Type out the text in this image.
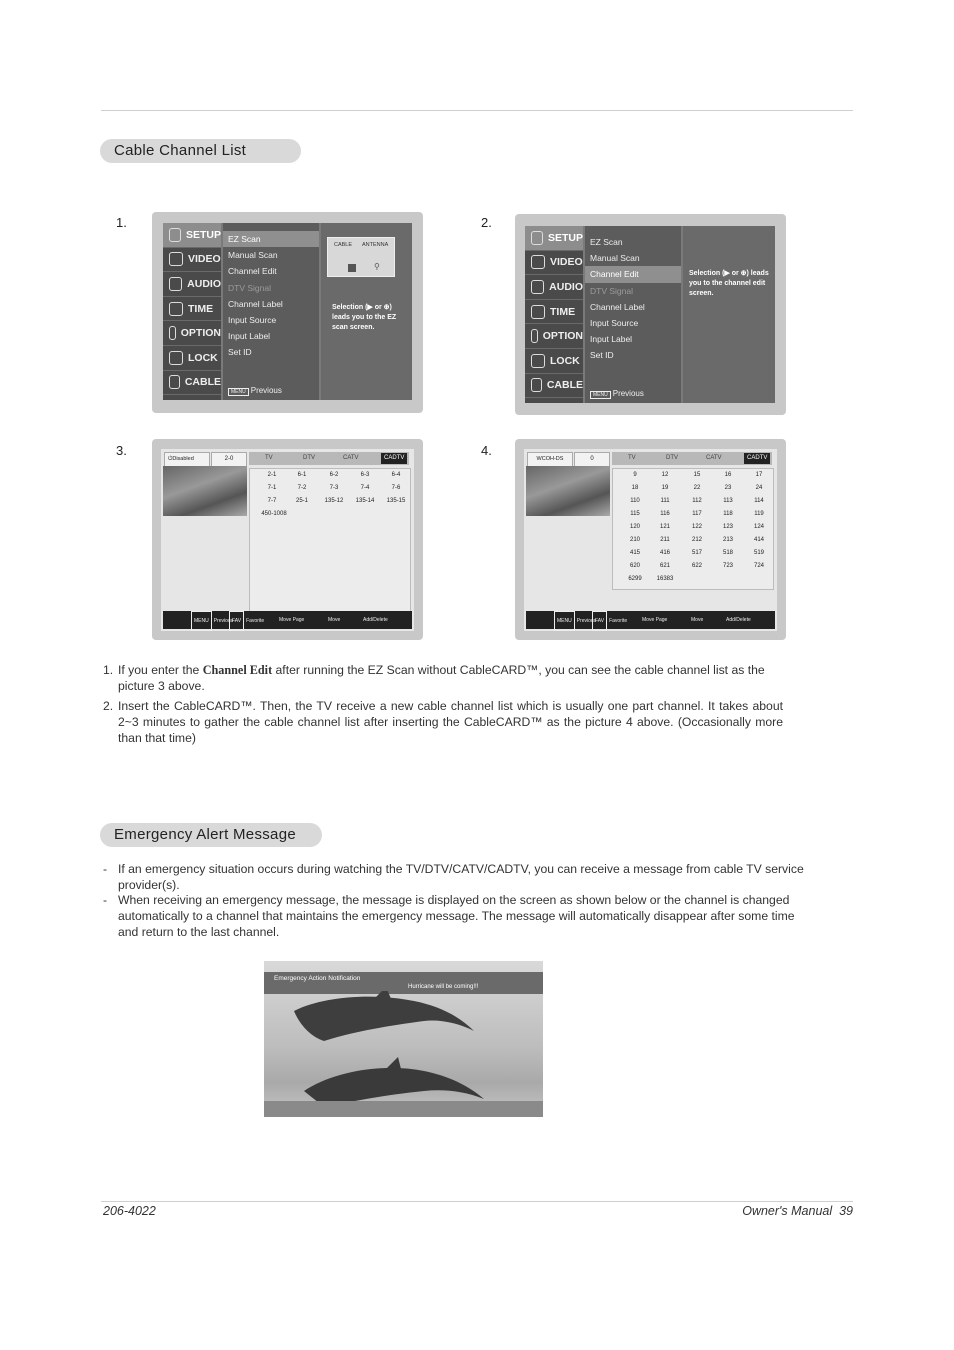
Cable Channel List
1.	2.
3.	4.
SETUP
VIDEO
AUDIO
TIME
OPTION
LOCK
CABLE
EZ Scan
Manual Scan
Channel Edit
DTV Signal
Channel Label
Input Source
Input Label
Set ID
MENU Previous
CABLE ANTENNA
⚲
Selection (▶ or ⊕) leads you to the EZ scan screen.
SETUP
VIDEO
AUDIO
TIME
OPTION
LOCK
CABLE
EZ Scan
Manual Scan
Channel Edit
DTV Signal
Channel Label
Input Source
Input Label
Set ID
MENU Previous
Selection (▶ or ⊕) leads you to the channel edit screen.
⏻Disabled	2-0	TV	DTV	CATV	CADTV
2-1	6-1	6-2	6-3	6-4
7-1	7-2	7-3	7-4	7-6
7-7	25-1	135-12	135-14	135-15
450-1008
MENU Previous
FAV Favorite	Move Page	Move	Add/Delete
WCOH-DS	0	TV	DTV	CATV	CADTV
9	12	15	16	17
18	19	22	23	24
110	111	112	113	114
115	116	117	118	119
120	121	122	123	124
210	211	212	213	414
415	416	517	518	519
620	621	622	723	724
6299	16383
MENU Previous
FAV Favorite	Move Page	Move	Add/Delete
1. If you enter the Channel Edit after running the EZ Scan without CableCARD™, you can see the cable channel list as the picture 3 above.
2. Insert the CableCARD™. Then, the TV receive a new cable channel list which is usually one part channel. It takes about 2~3 minutes to gather the cable channel list after inserting the CableCARD™ as the picture 4 above. (Occasionally more than that time)
Emergency Alert Message
- If an emergency situation occurs during watching the TV/DTV/CATV/CADTV, you can receive a message from cable TV service provider(s).
- When receiving an emergency message, the message is displayed on the screen as shown below or the channel is changed automatically to a channel that maintains the emergency message. The message will automatically disappear after some time and return to the last channel.
Emergency Action Notification
Hurricane will be coming!!!
206-4022	Owner's Manual  39
